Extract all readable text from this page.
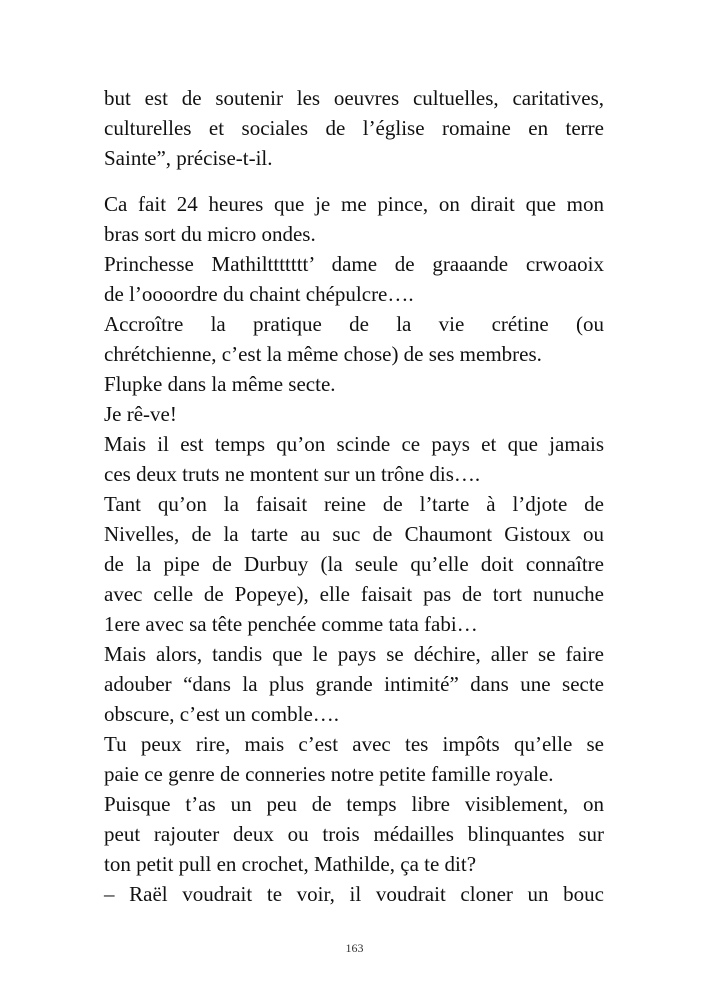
but est de soutenir les oeuvres cultuelles, caritatives,
culturelles et sociales de l’église romaine en terre
Sainte”, précise-t-il.

Ca fait 24 heures que je me pince, on dirait que mon
bras sort du micro ondes.

Princhesse Mathilttttttt’ dame de graaande crwoaoix
de l’oooordre du chaint chépulcre….

Accroître la pratique de la vie crétine (ou
chrétchienne, c’est la même chose) de ses membres.

Flupke dans la même secte.

Je rê-ve!

Mais il est temps qu’on scinde ce pays et que jamais
ces deux truts ne montent sur un trône dis….

Tant qu’on la faisait reine de l’tarte à l’djote de
Nivelles, de la tarte au suc de Chaumont Gistoux ou
de la pipe de Durbuy (la seule qu’elle doit connaître
avec celle de Popeye), elle faisait pas de tort nunuche
1ere avec sa tête penchée comme tata fabi…

Mais alors, tandis que le pays se déchire, aller se faire
adouber “dans la plus grande intimité” dans une secte
obscure, c’est un comble….

Tu peux rire, mais c’est avec tes impôts qu’elle se
paie ce genre de conneries notre petite famille royale.

Puisque t’as un peu de temps libre visiblement, on
peut rajouter deux ou trois médailles blinquantes sur
ton petit pull en crochet, Mathilde, ça te dit?

– Raël voudrait te voir, il voudrait cloner un bouc

163
